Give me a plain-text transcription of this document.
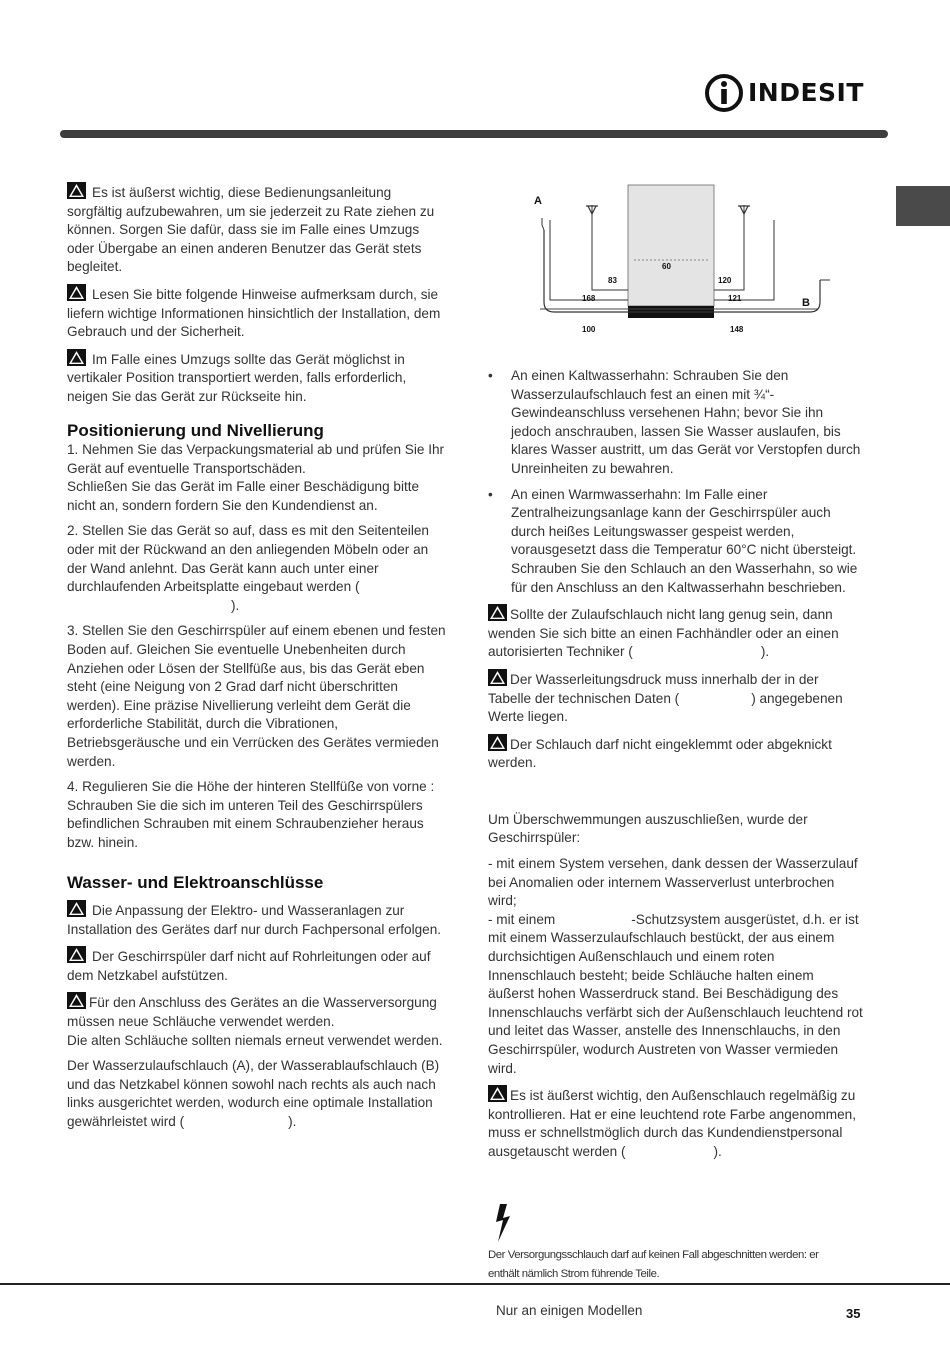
INDESIT

Es ist äußerst wichtig, diese Bedienungsanleitung sorgfältig aufzubewahren, um sie jederzeit zu Rate ziehen zu können. Sorgen Sie dafür, dass sie im Falle eines Umzugs oder Übergabe an einen anderen Benutzer das Gerät stets begleitet.

Lesen Sie bitte folgende Hinweise aufmerksam durch, sie liefern wichtige Informationen hinsichtlich der Installation, dem Gebrauch und der Sicherheit.

Im Falle eines Umzugs sollte das Gerät möglichst in vertikaler Position transportiert werden, falls erforderlich, neigen Sie das Gerät zur Rückseite hin.

Positionierung und Nivellierung

1. Nehmen Sie das Verpackungsmaterial ab und prüfen Sie Ihr Gerät auf eventuelle Transportschäden.

Schließen Sie das Gerät im Falle einer Beschädigung bitte nicht an, sondern fordern Sie den Kundendienst an.

2. Stellen Sie das Gerät so auf, dass es mit den Seitenteilen oder mit der Rückwand an den anliegenden Möbeln oder an der Wand anlehnt. Das Gerät kann auch unter einer durchlaufenden Arbeitsplatte eingebaut werden ().

3. Stellen Sie den Geschirrspüler auf einem ebenen und festen Boden auf. Gleichen Sie eventuelle Unebenheiten durch Anziehen oder Lösen der Stellfüße aus, bis das Gerät eben steht (eine Neigung von 2 Grad darf nicht überschritten werden). Eine präzise Nivellierung verleiht dem Gerät die erforderliche Stabilität, durch die Vibrationen, Betriebsgeräusche und ein Verrücken des Gerätes vermieden werden.

4. Regulieren Sie die Höhe der hinteren Stellfüße von vorne : Schrauben Sie die sich im unteren Teil des Geschirrspülers befindlichen Schrauben mit einem Schraubenzieher heraus bzw. hinein.

Wasser- und Elektroanschlüsse

Die Anpassung der Elektro- und Wasseranlagen zur Installation des Gerätes darf nur durch Fachpersonal erfolgen.

Der Geschirrspüler darf nicht auf Rohrleitungen oder auf dem Netzkabel aufstützen.

Für den Anschluss des Gerätes an die Wasserversorgung müssen neue Schläuche verwendet werden.

Die alten Schläuche sollten niemals erneut verwendet werden.

Der Wasserzulaufschlauch (A), der Wasserablaufschlauch (B) und das Netzkabel können sowohl nach rechts als auch nach links ausgerichtet werden, wodurch eine optimale Installation gewährleistet wird (	).

A
B
60
83	120
168	121
100	148
• An einen Kaltwasserhahn: Schrauben Sie den Wasserzulaufschlauch fest an einen mit ¾“-Gewindeanschluss versehenen Hahn; bevor Sie ihn jedoch anschrauben, lassen Sie Wasser auslaufen, bis klares Wasser austritt, um das Gerät vor Verstopfen durch Unreinheiten zu bewahren.

• An einen Warmwasserhahn: Im Falle einer Zentralheizungsanlage kann der Geschirrspüler auch durch heißes Leitungswasser gespeist werden, vorausgesetzt dass die Temperatur 60°C nicht übersteigt.

Schrauben Sie den Schlauch an den Wasserhahn, so wie für den Anschluss an den Kaltwasserhahn beschrieben.

Sollte der Zulaufschlauch nicht lang genug sein, dann wenden Sie sich bitte an einen Fachhändler oder an einen autorisierten Techniker (	).

Der Wasserleitungsdruck muss innerhalb der in der Tabelle der technischen Daten (	) angegebenen Werte liegen.

Der Schlauch darf nicht eingeklemmt oder abgeknickt werden.

Um Überschwemmungen auszuschließen, wurde der Geschirrspüler:

- mit einem System versehen, dank dessen der Wasserzulauf bei Anomalien oder internem Wasserverlust unterbrochen wird;

- mit einem	-Schutzsystem ausgerüstet, d.h. er ist mit einem Wasserzulaufschlauch bestückt, der aus einem durchsichtigen Außenschlauch und einem roten Innenschlauch besteht; beide Schläuche halten einem äußerst hohen Wasserdruck stand. Bei Beschädigung des Innenschlauchs verfärbt sich der Außenschlauch leuchtend rot und leitet das Wasser, anstelle des Innenschlauchs, in den Geschirrspüler, wodurch Austreten von Wasser vermieden wird.

Es ist äußerst wichtig, den Außenschlauch regelmäßig zu kontrollieren. Hat er eine leuchtend rote Farbe angenommen, muss er schnellstmöglich durch das Kundendienstpersonal ausgetauscht werden (	).

Der Versorgungsschlauch darf auf keinen Fall abgeschnitten werden: er enthält nämlich Strom führende Teile.
Nur an einigen Modellen	35
